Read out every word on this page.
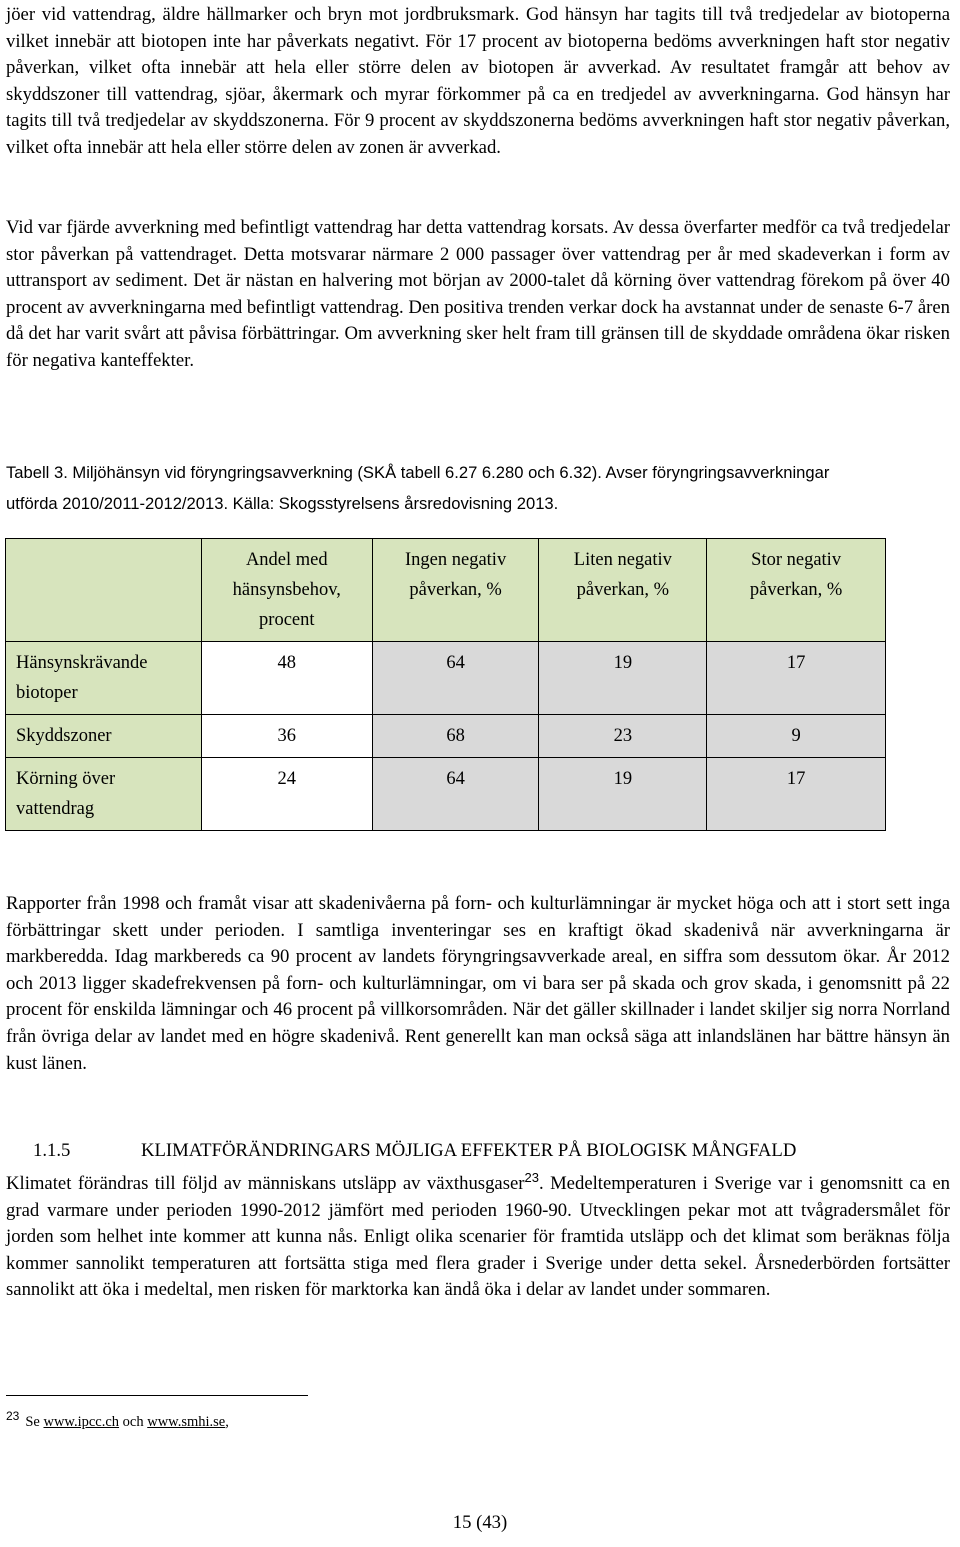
jöer vid vattendrag, äldre hällmarker och bryn mot jordbruksmark. God hänsyn har tagits till två tredjedelar av biotoperna vilket innebär att biotopen inte har påverkats negativt. För 17 procent av biotoperna bedöms avverkningen haft stor negativ påverkan, vilket ofta innebär att hela eller större delen av biotopen är avverkad. Av resultatet framgår att behov av skyddszoner till vattendrag, sjöar, åkermark och myrar förkommer på ca en tredjedel av avverkningarna. God hänsyn har tagits till två tredjedelar av skyddszonerna. För 9 procent av skyddszonerna bedöms avverkningen haft stor negativ påverkan, vilket ofta innebär att hela eller större delen av zonen är avverkad.

Vid var fjärde avverkning med befintligt vattendrag har detta vattendrag korsats. Av dessa överfarter medför ca två tredjedelar stor påverkan på vattendraget. Detta motsvarar närmare 2 000 passager över vattendrag per år med skadeverkan i form av uttransport av sediment. Det är nästan en halvering mot början av 2000-talet då körning över vattendrag förekom på över 40 procent av avverkningarna med befintligt vattendrag. Den positiva trenden verkar dock ha avstannat under de senaste 6-7 åren då det har varit svårt att påvisa förbättringar. Om avverkning sker helt fram till gränsen till de skyddade områdena ökar risken för negativa kanteffekter.

Tabell 3. Miljöhänsyn vid föryngringsavverkning (SKÅ tabell 6.27 6.280 och 6.32). Avser föryngringsavverkningar

utförda 2010/2011-2012/2013. Källa: Skogsstyrelsens årsredovisning 2013.

	Andel med hänsynsbehov, procent	Ingen negativ påverkan, %	Liten negativ påverkan, %	Stor negativ påverkan, %
Hänsynskrävande biotoper	48	64	19	17
Skyddszoner	36	68	23	9
Körning över vattendrag	24	64	19	17

Rapporter från 1998 och framåt visar att skadenivåerna på forn- och kulturlämningar är mycket höga och att i stort sett inga förbättringar skett under perioden. I samtliga inventeringar ses en kraftigt ökad skadenivå när avverkningarna är markberedda. Idag markbereds ca 90 procent av landets föryngringsavverkade areal, en siffra som dessutom ökar. År 2012 och 2013 ligger skadefrekvensen på forn- och kulturlämningar, om vi bara ser på skada och grov skada, i genomsnitt på 22 procent för enskilda lämningar och 46 procent på villkorsområden. När det gäller skillnader i landet skiljer sig norra Norrland från övriga delar av landet med en högre skadenivå. Rent generellt kan man också säga att inlandslänen har bättre hänsyn än kust länen.

1.1.5	KLIMATFÖRÄNDRINGARS MÖJLIGA EFFEKTER PÅ BIOLOGISK MÅNGFALD

Klimatet förändras till följd av människans utsläpp av växthusgaser$^{23}$. Medeltemperaturen i Sverige var i genomsnitt ca en grad varmare under perioden 1990-2012 jämfört med perioden 1960-90. Utvecklingen pekar mot att tvågradersmålet för jorden som helhet inte kommer att kunna nås. Enligt olika scenarier för framtida utsläpp och det klimat som beräknas följa kommer sannolikt temperaturen att fortsätta stiga med flera grader i Sverige under detta sekel. Årsnederbörden fortsätter sannolikt att öka i medeltal, men risken för marktorka kan ändå öka i delar av landet under sommaren.

$^{23}$ Se www.ipcc.ch och www.smhi.se,
15 (43)
